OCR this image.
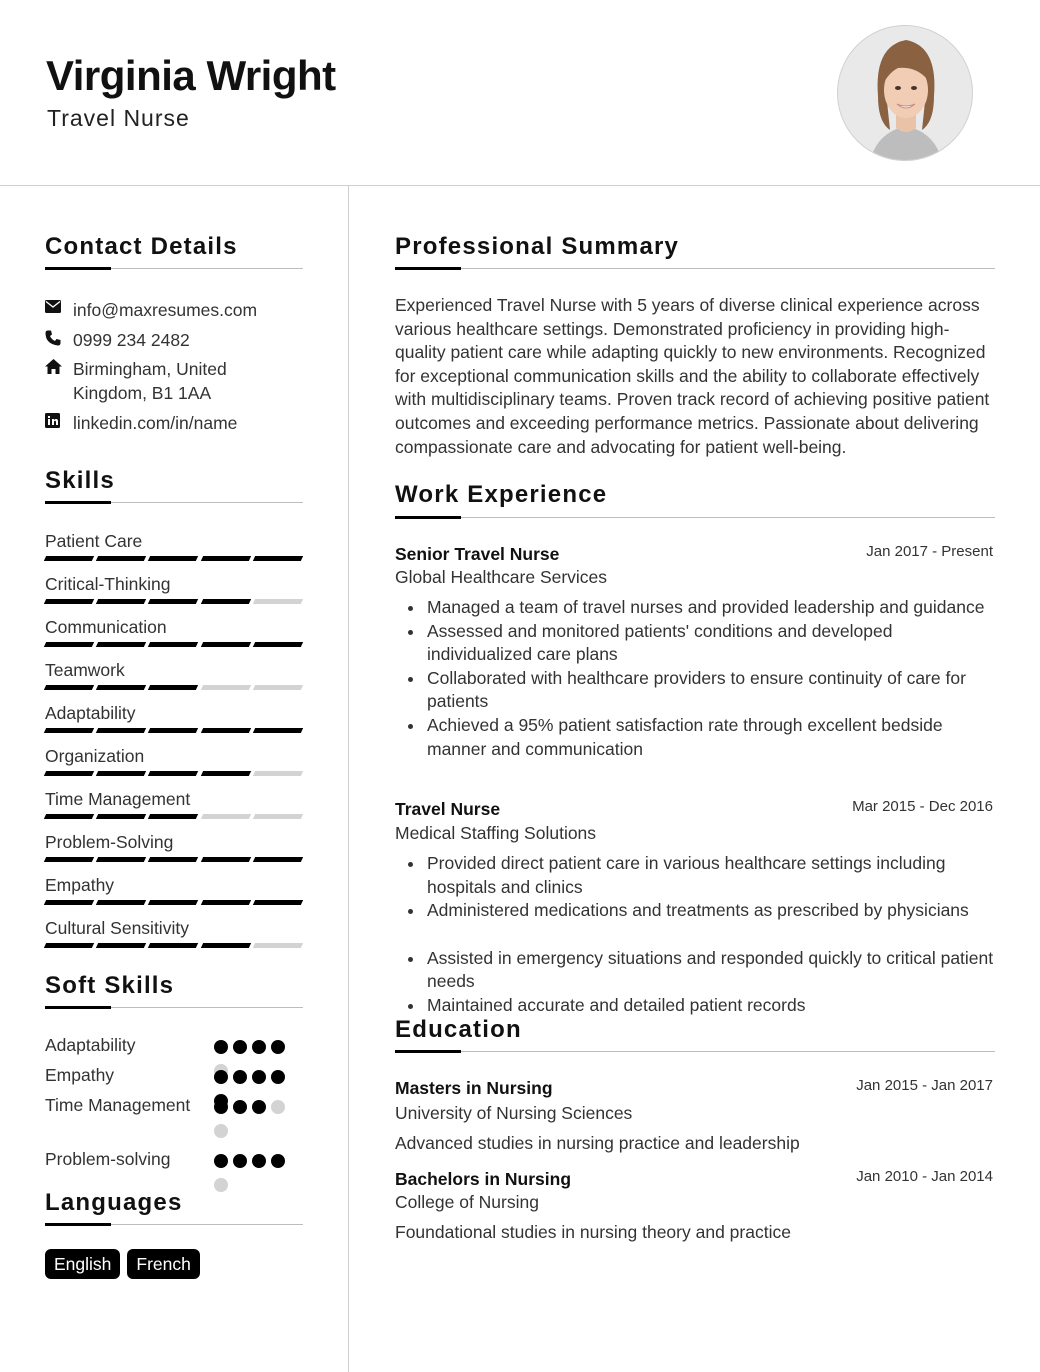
Virginia Wright
Travel Nurse
Contact Details
info@maxresumes.com
0999 234 2482
Birmingham, United
Kingdom, B1 1AA
linkedin.com/in/name
Skills
Patient Care
Critical-Thinking
Communication
Teamwork
Adaptability
Organization
Time Management
Problem-Solving
Empathy
Cultural Sensitivity
Soft Skills
Adaptability
Empathy
Time Management
Problem-solving
Languages
English	French
Professional Summary
Experienced Travel Nurse with 5 years of diverse clinical experience across various healthcare settings. Demonstrated proficiency in providing high-quality patient care while adapting quickly to new environments. Recognized for exceptional communication skills and the ability to collaborate effectively with multidisciplinary teams. Proven track record of achieving positive patient outcomes and exceeding performance metrics. Passionate about delivering compassionate care and advocating for patient well-being.
Work Experience
Senior Travel Nurse	Jan 2017 - Present
Global Healthcare Services
Managed a team of travel nurses and provided leadership and guidance
Assessed and monitored patients' conditions and developed individualized care plans
Collaborated with healthcare providers to ensure continuity of care for patients
Achieved a 95% patient satisfaction rate through excellent bedside manner and communication
Travel Nurse	Mar 2015 - Dec 2016
Medical Staffing Solutions
Provided direct patient care in various healthcare settings including hospitals and clinics
Administered medications and treatments as prescribed by physicians
Assisted in emergency situations and responded quickly to critical patient needs
Maintained accurate and detailed patient records
Education
Masters in Nursing	Jan 2015 - Jan 2017
University of Nursing Sciences
Advanced studies in nursing practice and leadership
Bachelors in Nursing	Jan 2010 - Jan 2014
College of Nursing
Foundational studies in nursing theory and practice
